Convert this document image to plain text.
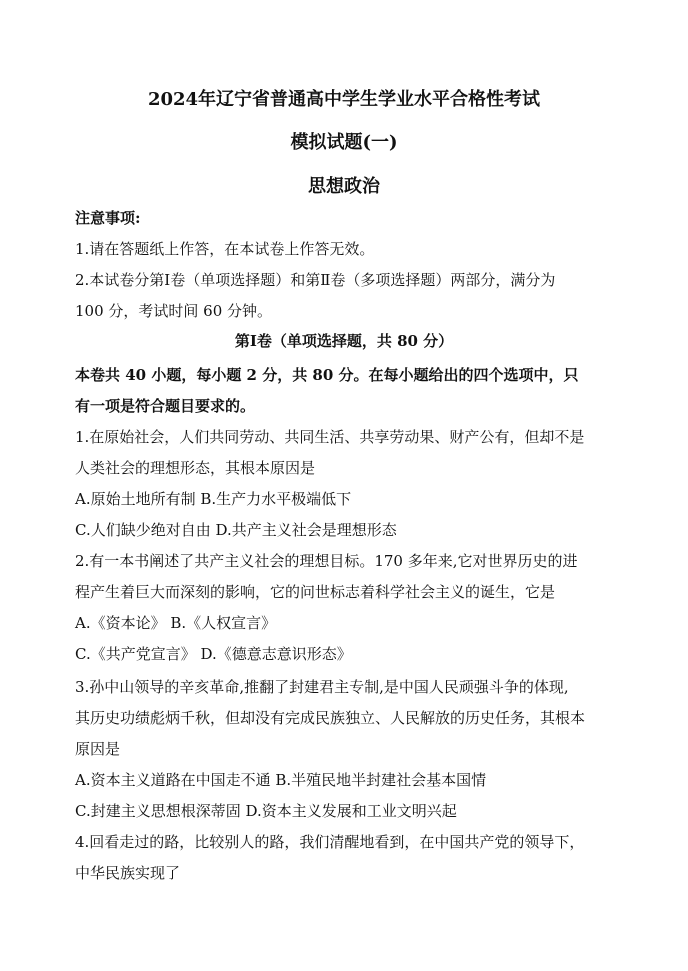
2024年辽宁省普通高中学生学业水平合格性考试
模拟试题(一)
思想政治
注意事项:
1.请在答题纸上作答，在本试卷上作答无效。
2.本试卷分第Ⅰ卷（单项选择题）和第Ⅱ卷（多项选择题）两部分，满分为
100 分，考试时间 60 分钟。
第Ⅰ卷（单项选择题，共 80 分）
本卷共 40 小题，每小题 2 分，共 80 分。在每小题给出的四个选项中，只
有一项是符合题目要求的。
1.在原始社会，人们共同劳动、共同生活、共享劳动果、财产公有，但却不是
人类社会的理想形态，其根本原因是
A.原始土地所有制 B.生产力水平极端低下
C.人们缺少绝对自由 D.共产主义社会是理想形态
2.有一本书阐述了共产主义社会的理想目标。170 多年来,它对世界历史的进
程产生着巨大而深刻的影响，它的问世标志着科学社会主义的诞生，它是
A.《资本论》 B.《人权宣言》
C.《共产党宣言》 D.《德意志意识形态》
3.孙中山领导的辛亥革命,推翻了封建君主专制,是中国人民顽强斗争的体现,
其历史功绩彪炳千秋，但却没有完成民族独立、人民解放的历史任务，其根本
原因是
A.资本主义道路在中国走不通 B.半殖民地半封建社会基本国情
C.封建主义思想根深蒂固 D.资本主义发展和工业文明兴起
4.回看走过的路，比较别人的路，我们清醒地看到，在中国共产党的领导下，
中华民族实现了
